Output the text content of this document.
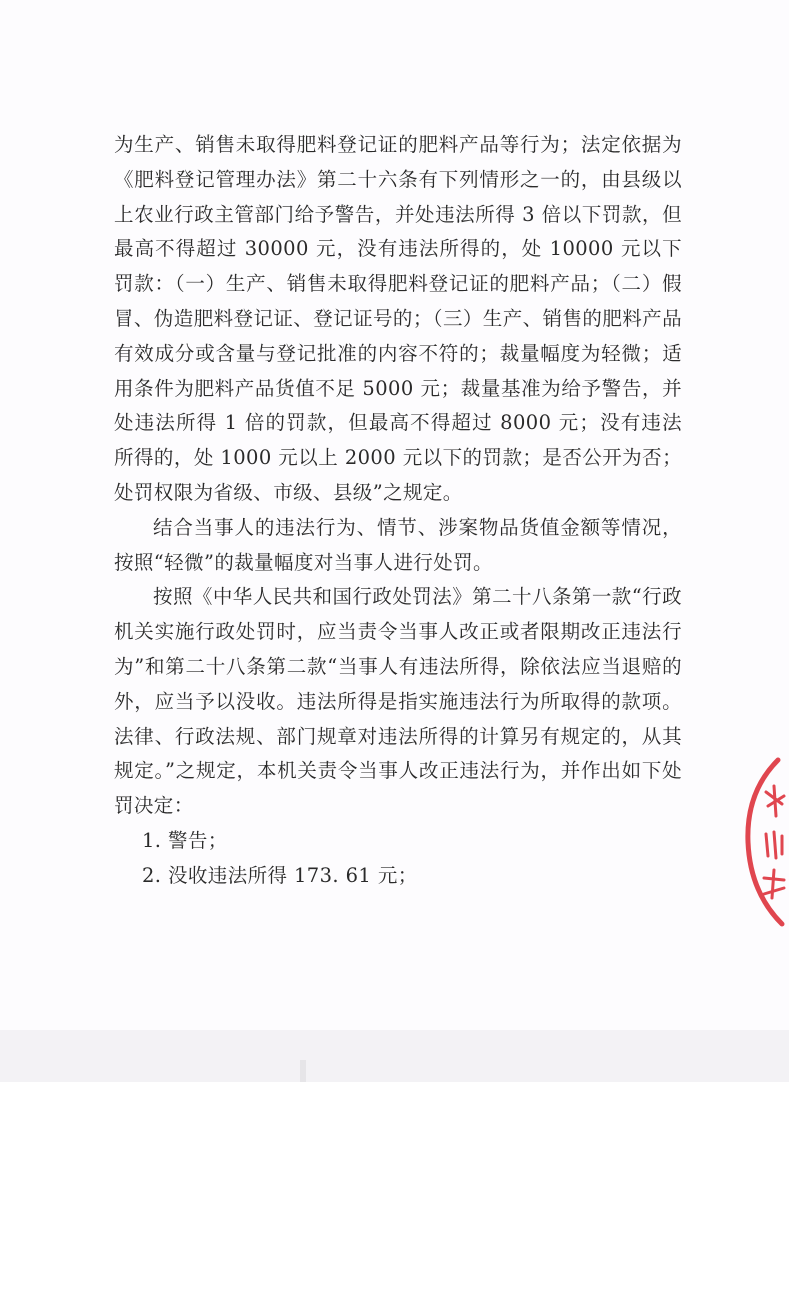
为生产、销售未取得肥料登记证的肥料产品等行为；法定依据为《肥料登记管理办法》第二十六条有下列情形之一的，由县级以上农业行政主管部门给予警告，并处违法所得 3 倍以下罚款，但最高不得超过 30000 元，没有违法所得的，处 10000 元以下罚款：（一）生产、销售未取得肥料登记证的肥料产品；（二）假冒、伪造肥料登记证、登记证号的；（三）生产、销售的肥料产品有效成分或含量与登记批准的内容不符的；裁量幅度为轻微；适用条件为肥料产品货值不足 5000 元；裁量基准为给予警告，并处违法所得 1 倍的罚款，但最高不得超过 8000 元；没有违法所得的，处 1000 元以上 2000 元以下的罚款；是否公开为否；处罚权限为省级、市级、县级”之规定。

结合当事人的违法行为、情节、涉案物品货值金额等情况，按照“轻微”的裁量幅度对当事人进行处罚。

按照《中华人民共和国行政处罚法》第二十八条第一款“行政机关实施行政处罚时，应当责令当事人改正或者限期改正违法行为”和第二十八条第二款“当事人有违法所得，除依法应当退赔的外，应当予以没收。违法所得是指实施违法行为所取得的款项。法律、行政法规、部门规章对违法所得的计算另有规定的，从其规定。”之规定，本机关责令当事人改正违法行为，并作出如下处罚决定：

1. 警告；

2. 没收违法所得 173. 61 元；
